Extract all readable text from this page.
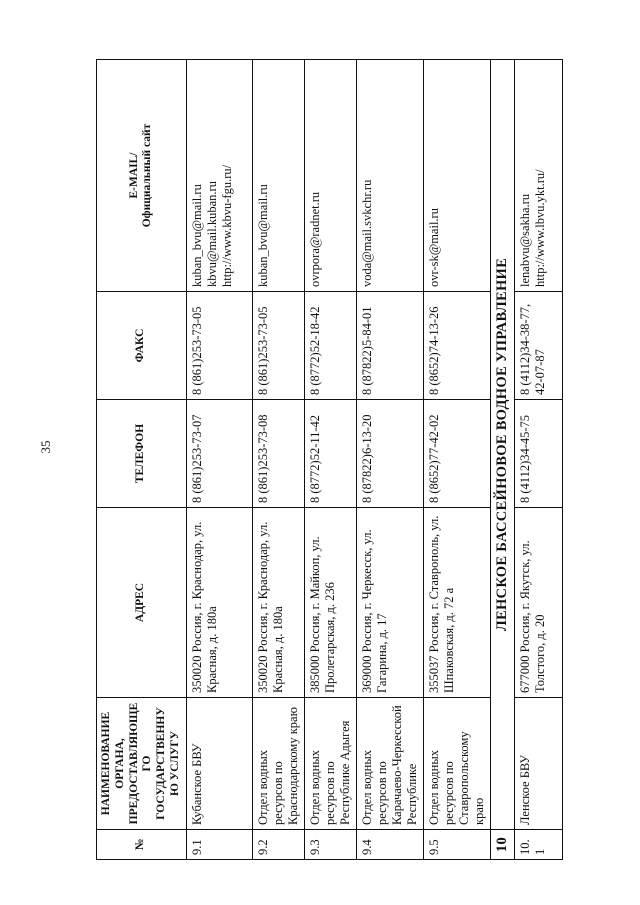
35
№	НАИМЕНОВАНИЕ ОРГАНА, ПРЕДОСТАВЛЯЮЩЕГО ГОСУДАРСТВЕННУЮ УСЛУГУ	АДРЕС	ТЕЛЕФОН	ФАКС	E-MAIL/
Официальный сайт
9.1	Кубанское БВУ	350020 Россия, г. Краснодар, ул. Красная, д. 180а	8 (861)253-73-07	8 (861)253-73-05	kuban_bvu@mail.ru
kbvu@mail.kuban.ru
http://www.kbvu-fgu.ru/
9.2	Отдел водных ресурсов по Краснодарскому краю	350020 Россия, г. Краснодар, ул. Красная, д. 180а	8 (861)253-73-08	8 (861)253-73-05	kuban_bvu@mail.ru
9.3	Отдел водных ресурсов по Республике Адыгея	385000 Россия, г. Майкоп, ул. Пролетарская, д. 236	8 (8772)52-11-42	8 (8772)52-18-42	ovrpora@radnet.ru
9.4	Отдел водных ресурсов по Карачаево-Черкесской Республике	369000 Россия, г. Черкесск, ул. Гагарина, д. 17	8 (87822)6-13-20	8 (87822)5-84-01	voda@mail.svkchr.ru
9.5	Отдел водных ресурсов по Ставропольскому краю	355037 Россия, г. Ставрополь, ул. Шпаковская, д. 72 а	8 (8652)77-42-02	8 (8652)74-13-26	ovr-sk@mail.ru
10	ЛЕНСКОЕ БАССЕЙНОВОЕ ВОДНОЕ УПРАВЛЕНИЕ				
10.1	Ленское БВУ	677000 Россия, г. Якутск, ул. Толстого, д. 20	8 (4112)34-45-75	8 (4112)34-38-77, 42-07-87	lenabvu@sakha.ru
http://www.lbvu.ykt.ru/
